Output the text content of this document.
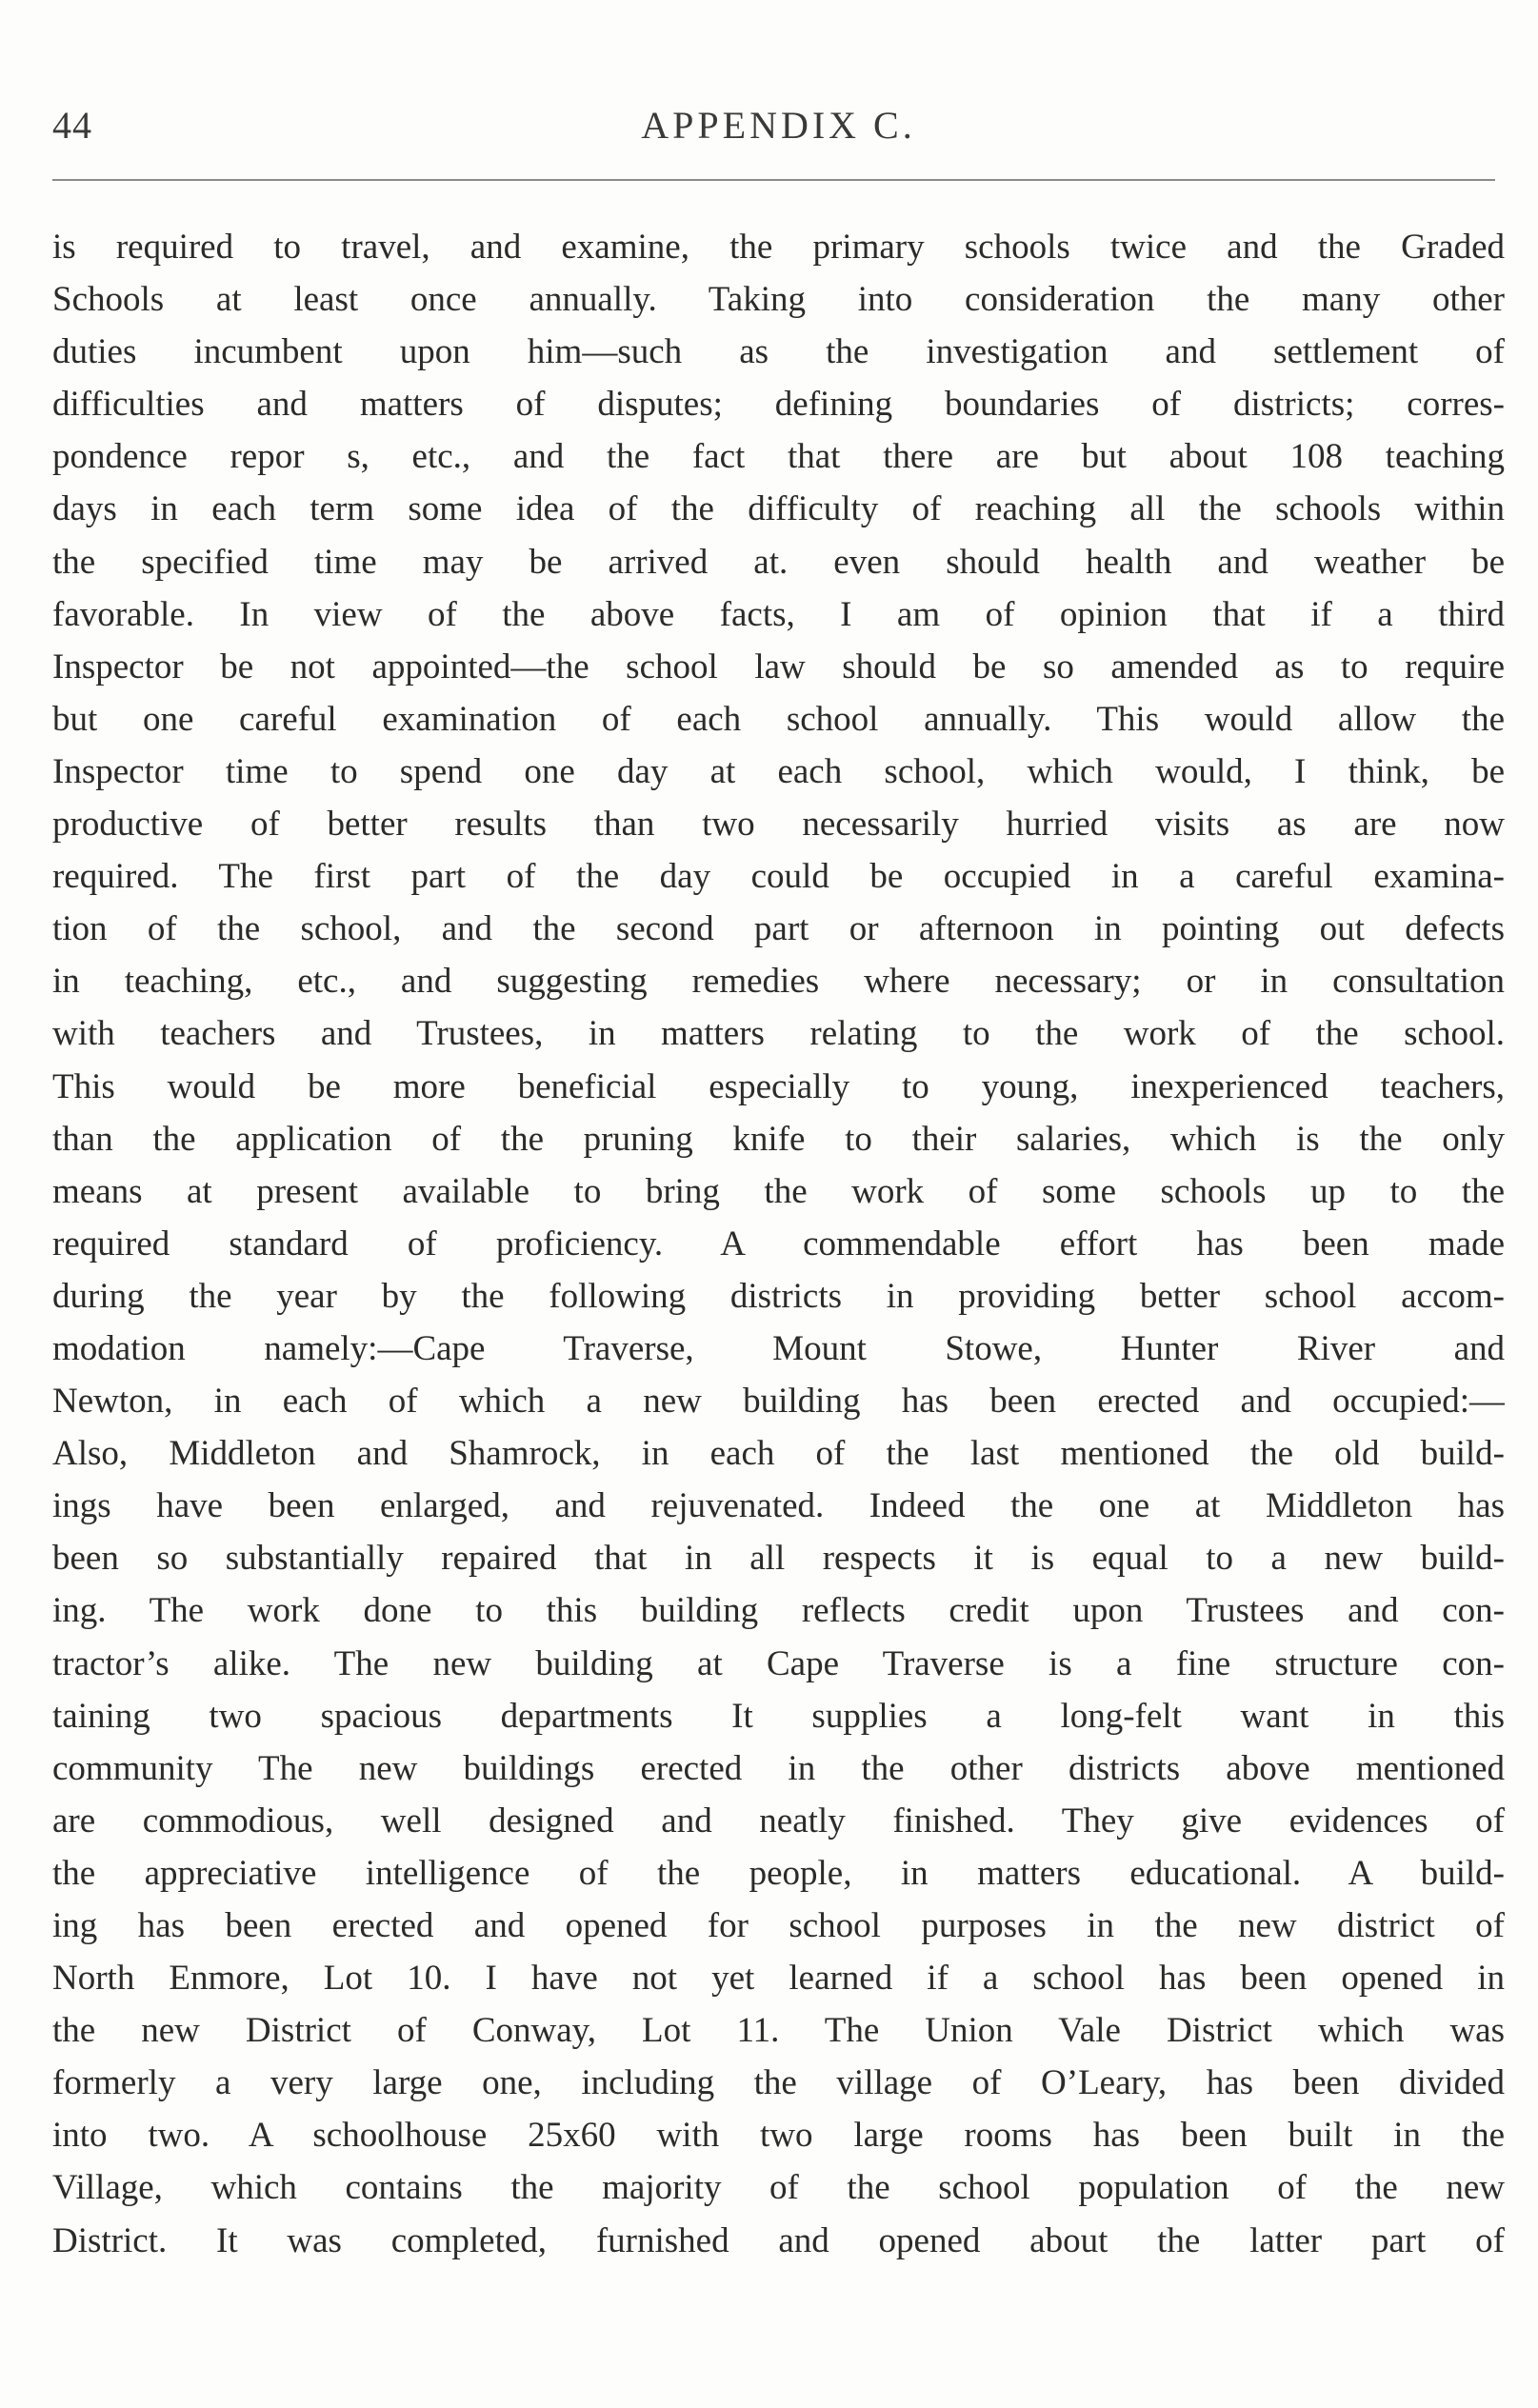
44	APPENDIX C.
is required to travel, and examine, the primary schools twice and the Graded
Schools at least once annually. Taking into consideration the many other
duties incumbent upon him—such as the investigation and settlement of
difficulties and matters of disputes; defining boundaries of districts; corres-
pondence repor s, etc., and the fact that there are but about 108 teaching
days in each term some idea of the difficulty of reaching all the schools within
the specified time may be arrived at. even should health and weather be
favorable. In view of the above facts, I am of opinion that if a third
Inspector be not appointed—the school law should be so amended as to require
but one careful examination of each school annually. This would allow the
Inspector time to spend one day at each school, which would, I think, be
productive of better results than two necessarily hurried visits as are now
required. The first part of the day could be occupied in a careful examina-
tion of the school, and the second part or afternoon in pointing out defects
in teaching, etc., and suggesting remedies where necessary; or in consultation
with teachers and Trustees, in matters relating to the work of the school.
This would be more beneficial especially to young, inexperienced teachers,
than the application of the pruning knife to their salaries, which is the only
means at present available to bring the work of some schools up to the
required standard of proficiency. A commendable effort has been made
during the year by the following districts in providing better school accom-
modation namely:—Cape Traverse, Mount Stowe, Hunter River and
Newton, in each of which a new building has been erected and occupied:—
Also, Middleton and Shamrock, in each of the last mentioned the old build-
ings have been enlarged, and rejuvenated. Indeed the one at Middleton has
been so substantially repaired that in all respects it is equal to a new build-
ing. The work done to this building reflects credit upon Trustees and con-
tractor’s alike. The new building at Cape Traverse is a fine structure con-
taining two spacious departments It supplies a long-felt want in this
community The new buildings erected in the other districts above mentioned
are commodious, well designed and neatly finished. They give evidences of
the appreciative intelligence of the people, in matters educational. A build-
ing has been erected and opened for school purposes in the new district of
North Enmore, Lot 10. I have not yet learned if a school has been opened in
the new District of Conway, Lot 11. The Union Vale District which was
formerly a very large one, including the village of O’Leary, has been divided
into two. A schoolhouse 25x60 with two large rooms has been built in the
Village, which contains the majority of the school population of the new
District. It was completed, furnished and opened about the latter part of
